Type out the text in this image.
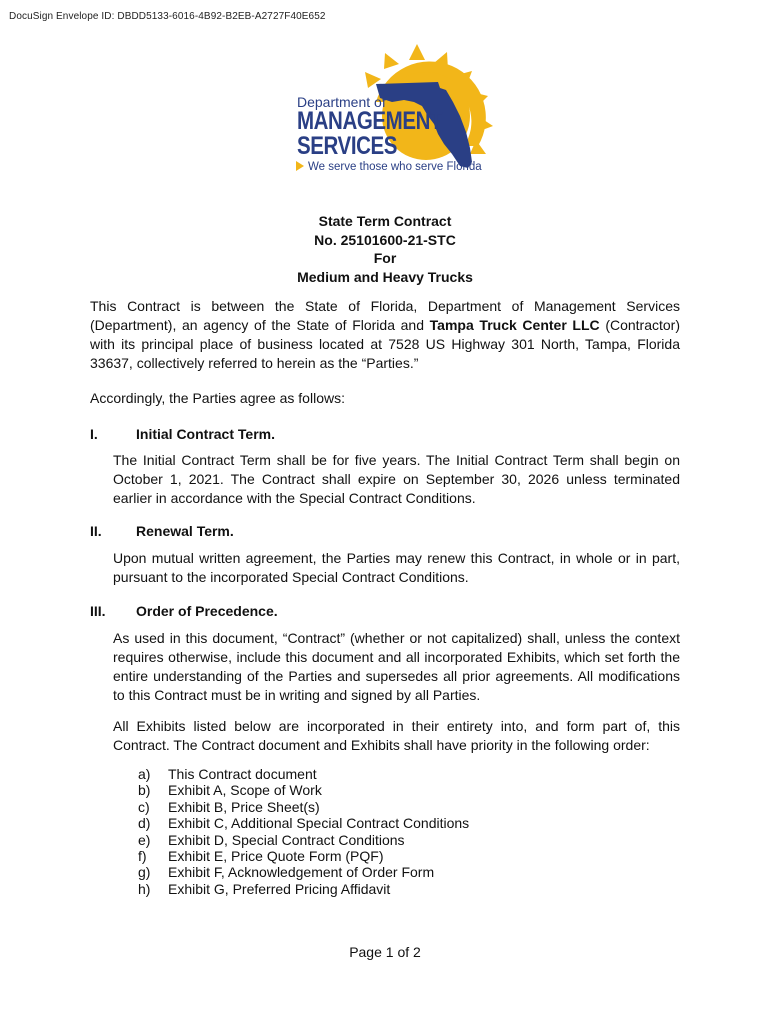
DocuSign Envelope ID: DBDD5133-6016-4B92-B2EB-A2727F40E652
Department of
MANAGEMENT
SERVICES
We serve those who serve Florida
State Term Contract
No. 25101600-21-STC
For
Medium and Heavy Trucks
This Contract is between the State of Florida, Department of Management Services (Department), an agency of the State of Florida and Tampa Truck Center LLC (Contractor) with its principal place of business located at 7528 US Highway 301 North, Tampa, Florida 33637, collectively referred to herein as the “Parties.”
Accordingly, the Parties agree as follows:
I.	Initial Contract Term.
The Initial Contract Term shall be for five years. The Initial Contract Term shall begin on October 1, 2021. The Contract shall expire on September 30, 2026 unless terminated earlier in accordance with the Special Contract Conditions.
II. Renewal Term.
Upon mutual written agreement, the Parties may renew this Contract, in whole or in part, pursuant to the incorporated Special Contract Conditions.
III. Order of Precedence.
As used in this document, “Contract” (whether or not capitalized) shall, unless the context requires otherwise, include this document and all incorporated Exhibits, which set forth the entire understanding of the Parties and supersedes all prior agreements. All modifications to this Contract must be in writing and signed by all Parties.
All Exhibits listed below are incorporated in their entirety into, and form part of, this Contract. The Contract document and Exhibits shall have priority in the following order:
a)	This Contract document
b)	Exhibit A, Scope of Work
c)	Exhibit B, Price Sheet(s)
d)	Exhibit C, Additional Special Contract Conditions
e)	Exhibit D, Special Contract Conditions
f)	Exhibit E, Price Quote Form (PQF)
g)	Exhibit F, Acknowledgement of Order Form
h)	Exhibit G, Preferred Pricing Affidavit
Page 1 of 2
